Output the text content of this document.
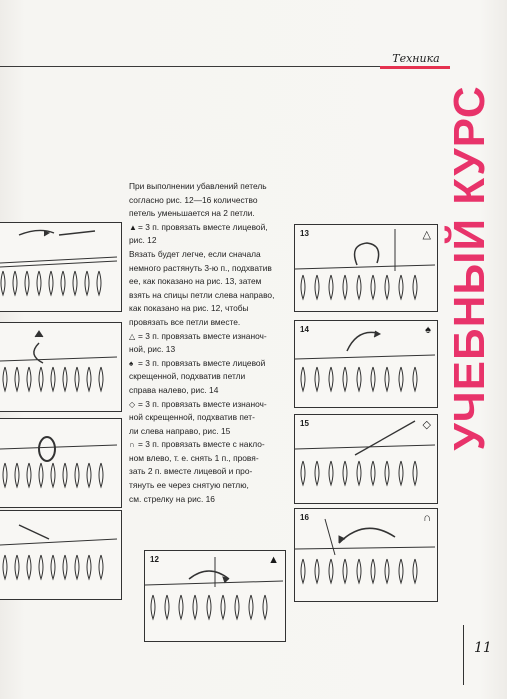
Техника
УЧЕБНЫЙ КУРС

При выполнении убавлений петель

согласно рис. 12—16 количество

петель уменьшается на 2 петли.

▲= 3 п. провязать вместе лицевой,

рис. 12

Вязать будет легче, если сначала

немного растянуть 3-ю п., подхватив

ее, как показано на рис. 13, затем

взять на спицы петли слева направо,

как показано на рис. 12, чтобы

провязать все петли вместе.

△ = 3 п. провязать вместе изнаноч-

ной, рис. 13

♠ = 3 п. провязать вместе лицевой

скрещенной, подхватив петли

справа налево, рис. 14

◇ = 3 п. провязать вместе изнаноч-

ной скрещенной, подхватив пет-

ли слева направо, рис. 15

∩ = 3 п. провязать вместе с накло-

ном влево, т. е. снять 1 п., провя-

зать 2 п. вместе лицевой и про-

тянуть ее через снятую петлю,

см. стрелку на рис. 16

12	▲
13	△
14	♠
15	◇
16	∩
11
